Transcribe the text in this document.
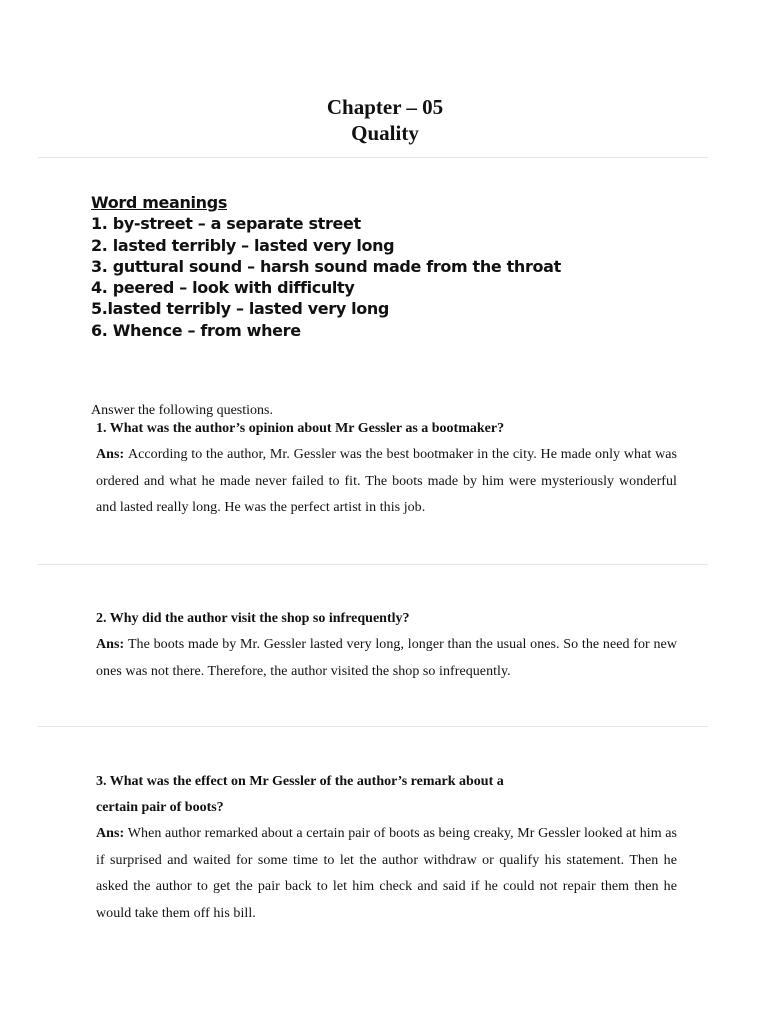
Chapter – 05
Quality
Word meanings
1. by-street – a separate street
2. lasted terribly – lasted very long
3. guttural sound – harsh sound made from the throat
4. peered – look with difficulty
5.lasted terribly – lasted very long
6. Whence – from where
Answer the following questions.
1. What was the author’s opinion about Mr Gessler as a bootmaker?
Ans: According to the author, Mr. Gessler was the best bootmaker in the city. He made only what was ordered and what he made never failed to fit. The boots made by him were mysteriously wonderful and lasted really long. He was the perfect artist in this job.
2. Why did the author visit the shop so infrequently?
Ans: The boots made by Mr. Gessler lasted very long, longer than the usual ones. So the need for new ones was not there. Therefore, the author visited the shop so infrequently.
3. What was the effect on Mr Gessler of the author’s remark about a
certain pair of boots?
Ans: When author remarked about a certain pair of boots as being creaky, Mr Gessler looked at him as if surprised and waited for some time to let the author withdraw or qualify his statement. Then he asked the author to get the pair back to let him check and said if he could not repair them then he would take them off his bill.
